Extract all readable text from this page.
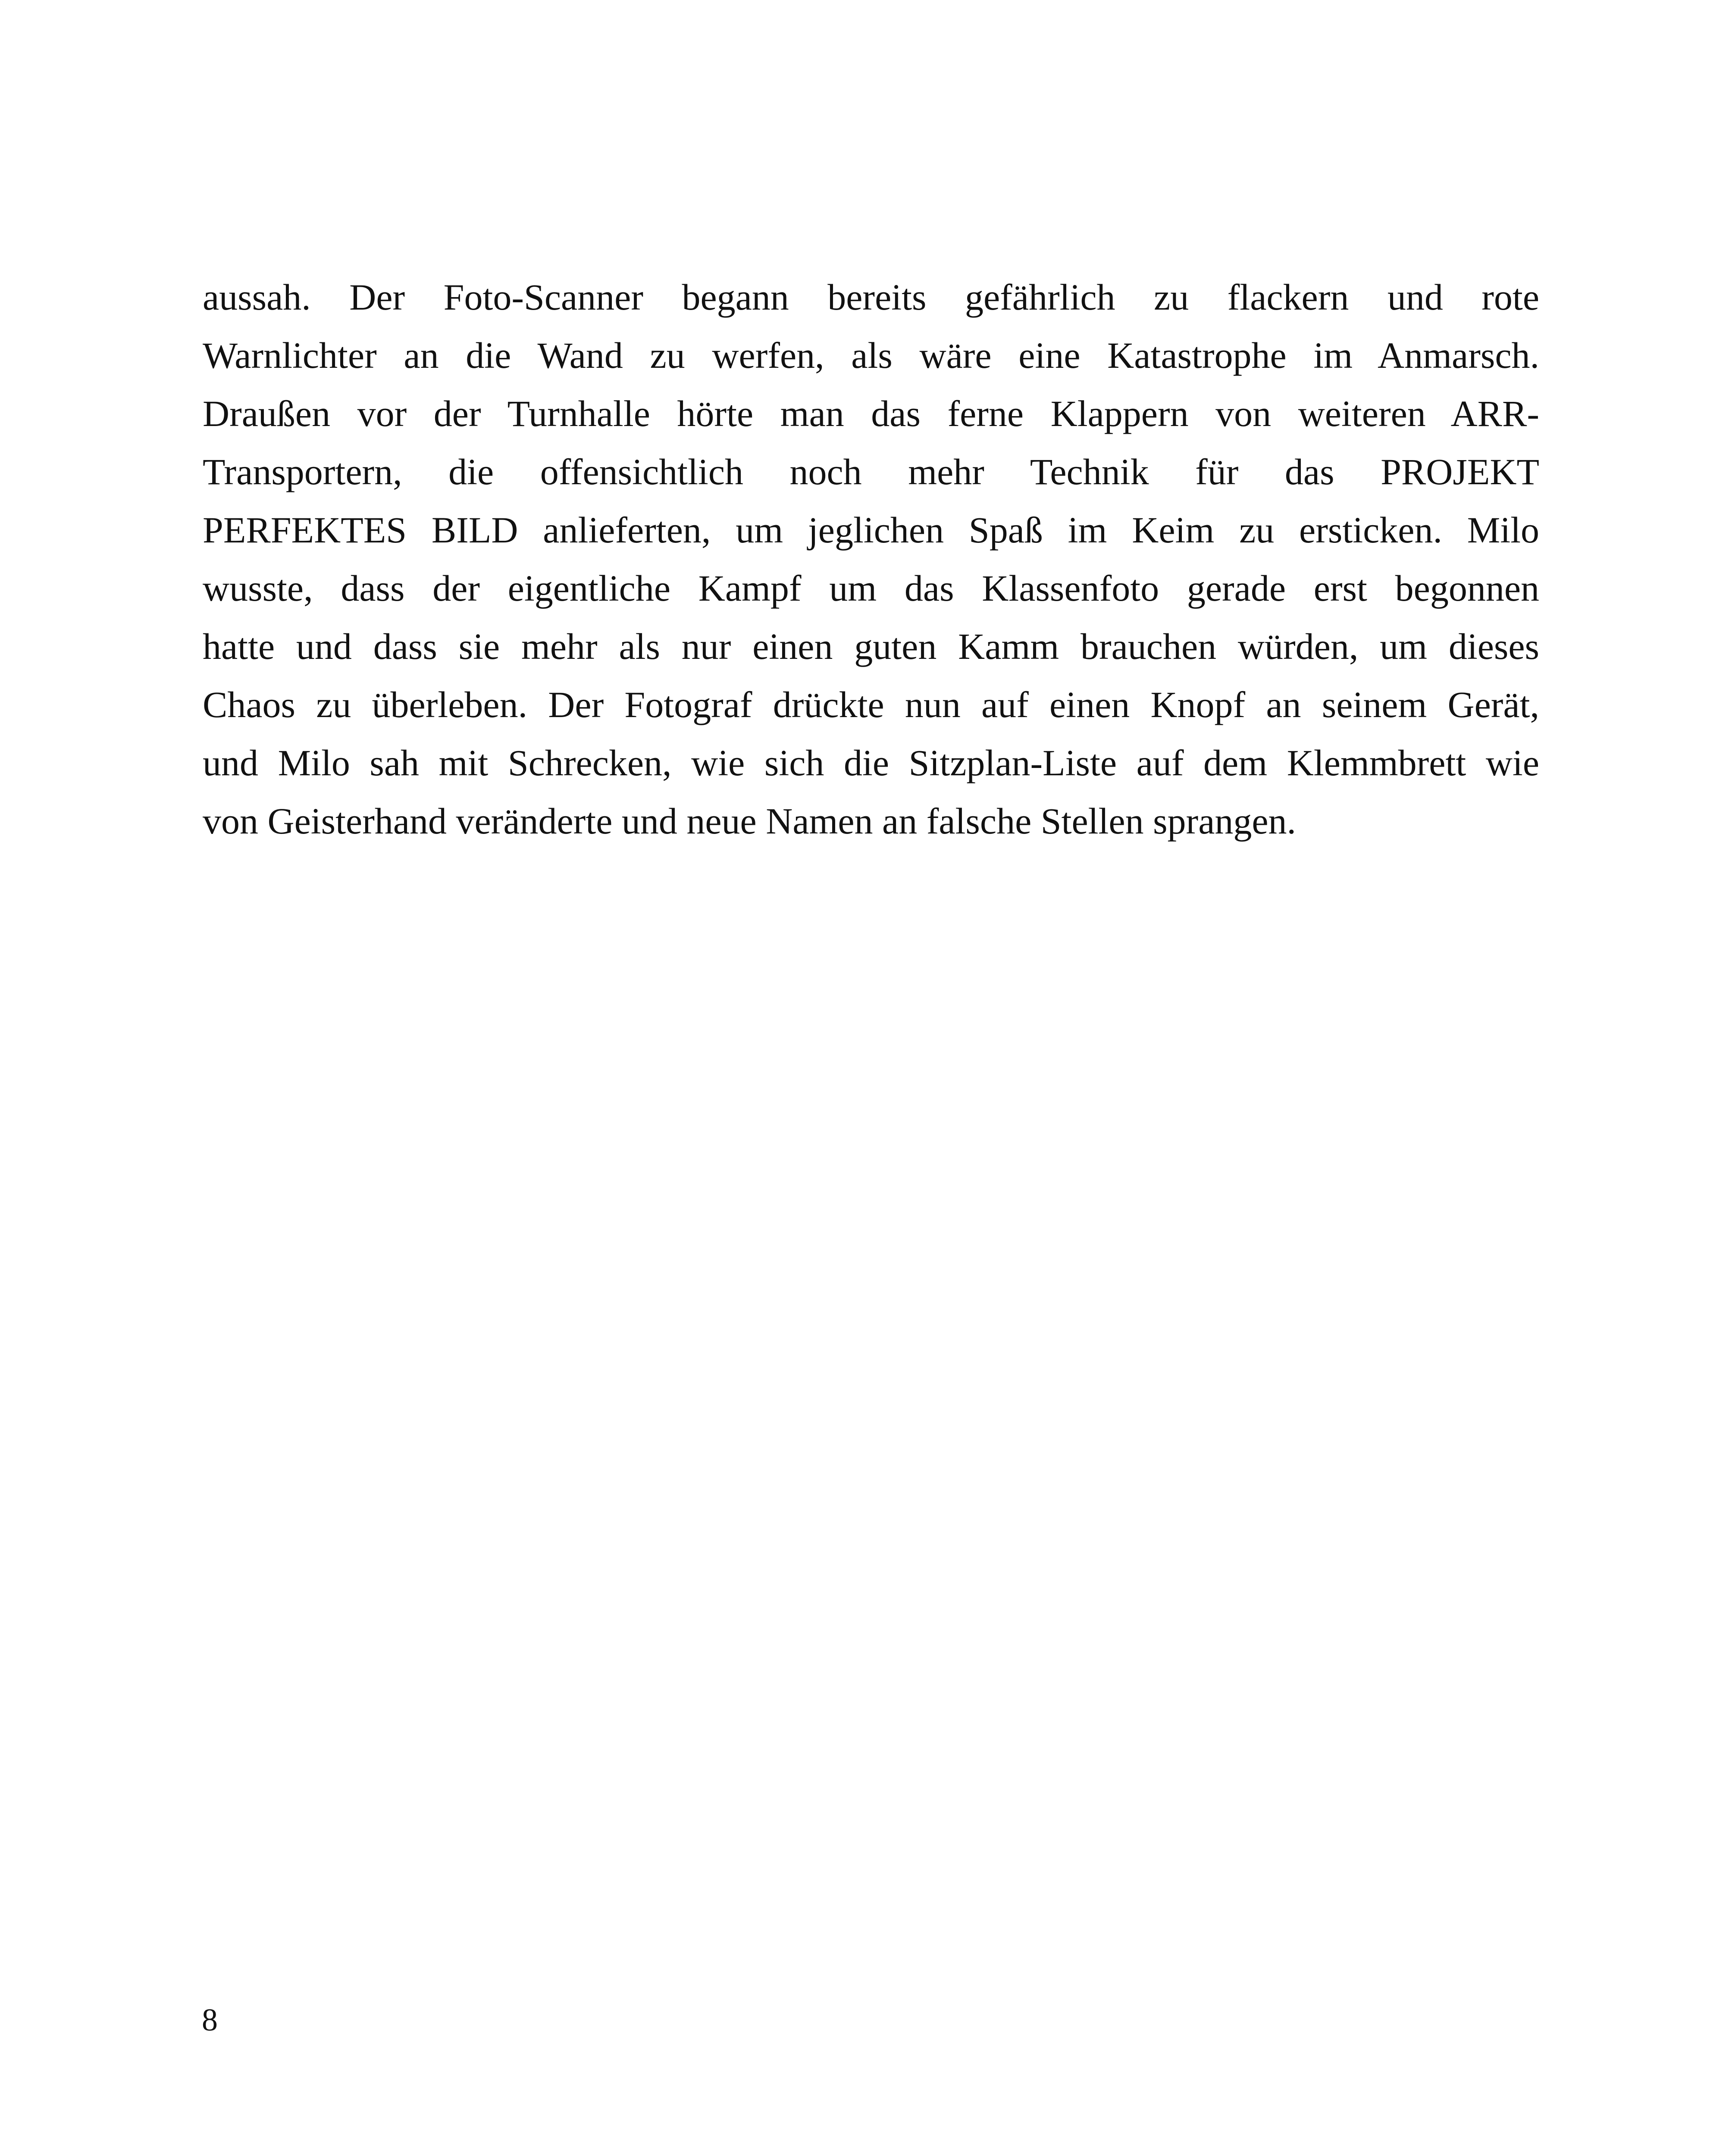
aussah. Der Foto-Scanner begann bereits gefährlich zu flackern und rote
Warnlichter an die Wand zu werfen, als wäre eine Katastrophe im Anmarsch.
Draußen vor der Turnhalle hörte man das ferne Klappern von weiteren ARR-
Transportern, die offensichtlich noch mehr Technik für das PROJEKT
PERFEKTES BILD anlieferten, um jeglichen Spaß im Keim zu ersticken. Milo
wusste, dass der eigentliche Kampf um das Klassenfoto gerade erst begonnen
hatte und dass sie mehr als nur einen guten Kamm brauchen würden, um dieses
Chaos zu überleben. Der Fotograf drückte nun auf einen Knopf an seinem Gerät,
und Milo sah mit Schrecken, wie sich die Sitzplan-Liste auf dem Klemmbrett wie
von Geisterhand veränderte und neue Namen an falsche Stellen sprangen.

8
